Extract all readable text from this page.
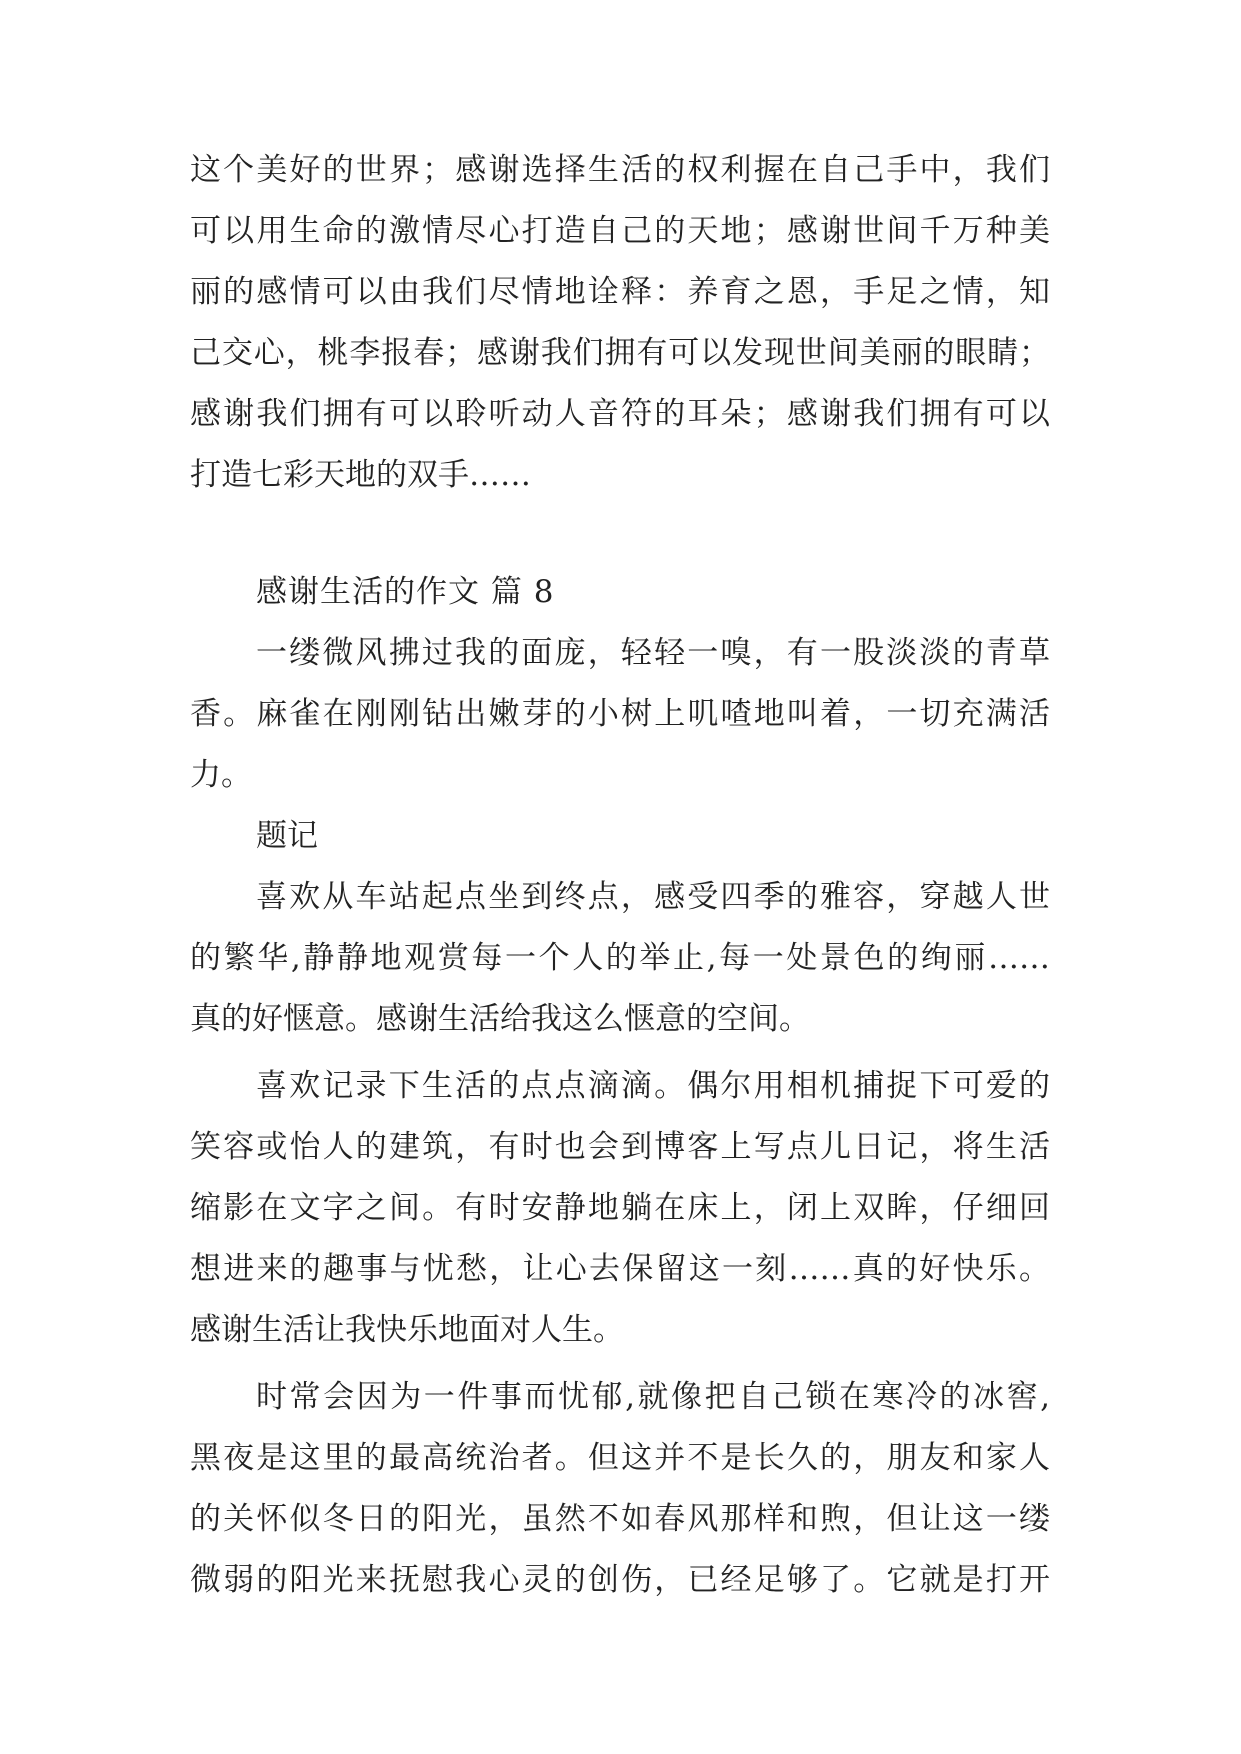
这个美好的世界；感谢选择生活的权利握在自己手中，我们
可以用生命的激情尽心打造自己的天地；感谢世间千万种美
丽的感情可以由我们尽情地诠释：养育之恩，手足之情，知
己交心，桃李报春；感谢我们拥有可以发现世间美丽的眼睛；
感谢我们拥有可以聆听动人音符的耳朵；感谢我们拥有可以
打造七彩天地的双手……
感谢生活的作文 篇 8
一缕微风拂过我的面庞，轻轻一嗅，有一股淡淡的青草
香。麻雀在刚刚钻出嫩芽的小树上叽喳地叫着，一切充满活
力。
题记
喜欢从车站起点坐到终点，感受四季的雅容，穿越人世
的繁华,静静地观赏每一个人的举止,每一处景色的绚丽……
真的好惬意。感谢生活给我这么惬意的空间。
喜欢记录下生活的点点滴滴。偶尔用相机捕捉下可爱的
笑容或怡人的建筑，有时也会到博客上写点儿日记，将生活
缩影在文字之间。有时安静地躺在床上，闭上双眸，仔细回
想进来的趣事与忧愁，让心去保留这一刻……真的好快乐。
感谢生活让我快乐地面对人生。
时常会因为一件事而忧郁,就像把自己锁在寒冷的冰窖,
黑夜是这里的最高统治者。但这并不是长久的，朋友和家人
的关怀似冬日的阳光，虽然不如春风那样和煦，但让这一缕
微弱的阳光来抚慰我心灵的创伤，已经足够了。它就是打开
